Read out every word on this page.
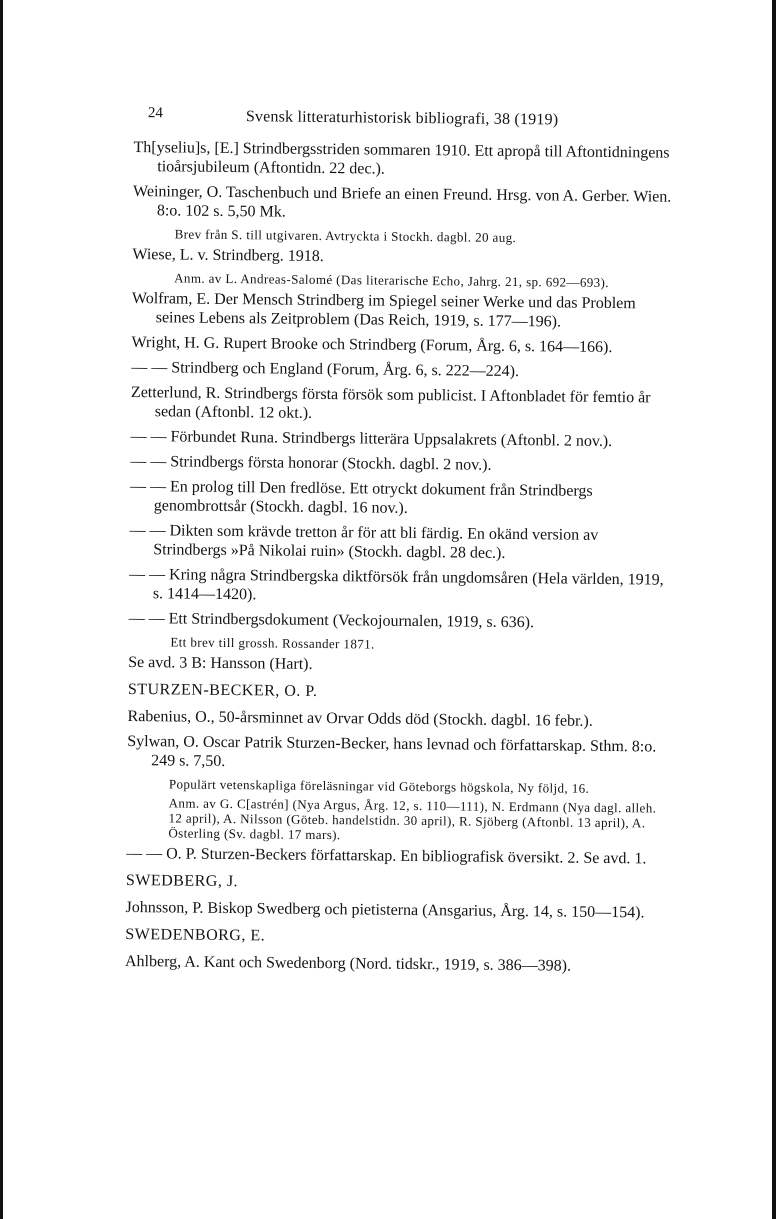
24	Svensk litteraturhistorisk bibliografi, 38 (1919)

Th[yseliu]s, [E.] Strindbergsstriden sommaren 1910. Ett apropå till Aftontidningens tioårsjubileum (Aftontidn. 22 dec.).

Weininger, O. Taschenbuch und Briefe an einen Freund. Hrsg. von A. Gerber. Wien. 8:o. 102 s. 5,50 Mk.

Brev från S. till utgivaren. Avtryckta i Stockh. dagbl. 20 aug.

Wiese, L. v. Strindberg. 1918.

Anm. av L. Andreas-Salomé (Das literarische Echo, Jahrg. 21, sp. 692—693).

Wolfram, E. Der Mensch Strindberg im Spiegel seiner Werke und das Problem seines Lebens als Zeitproblem (Das Reich, 1919, s. 177—196).

Wright, H. G. Rupert Brooke och Strindberg (Forum, Årg. 6, s. 164—166).

— — Strindberg och England (Forum, Årg. 6, s. 222—224).

Zetterlund, R. Strindbergs första försök som publicist. I Aftonbladet för femtio år sedan (Aftonbl. 12 okt.).

— — Förbundet Runa. Strindbergs litterära Uppsalakrets (Aftonbl. 2 nov.).

— — Strindbergs första honorar (Stockh. dagbl. 2 nov.).

— — En prolog till Den fredlöse. Ett otryckt dokument från Strindbergs genombrottsår (Stockh. dagbl. 16 nov.).

— — Dikten som krävde tretton år för att bli färdig. En okänd version av Strindbergs »På Nikolai ruin» (Stockh. dagbl. 28 dec.).

— — Kring några Strindbergska diktförsök från ungdomsåren (Hela världen, 1919, s. 1414—1420).

— — Ett Strindbergsdokument (Veckojournalen, 1919, s. 636).

Ett brev till grossh. Rossander 1871.

Se avd. 3 B: Hansson (Hart).

STURZEN-BECKER, O. P.

Rabenius, O., 50-årsminnet av Orvar Odds död (Stockh. dagbl. 16 febr.).

Sylwan, O. Oscar Patrik Sturzen-Becker, hans levnad och författarskap. Sthm. 8:o. 249 s. 7,50.

Populärt vetenskapliga föreläsningar vid Göteborgs högskola, Ny följd, 16.
Anm. av G. C[astrén] (Nya Argus, Årg. 12, s. 110—111), N. Erdmann (Nya dagl. alleh. 12 april), A. Nilsson (Göteb. handelstidn. 30 april), R. Sjöberg (Aftonbl. 13 april), A. Österling (Sv. dagbl. 17 mars).

— — O. P. Sturzen-Beckers författarskap. En bibliografisk översikt. 2. Se avd. 1.

SWEDBERG, J.

Johnsson, P. Biskop Swedberg och pietisterna (Ansgarius, Årg. 14, s. 150—154).

SWEDENBORG, E.

Ahlberg, A. Kant och Swedenborg (Nord. tidskr., 1919, s. 386—398).
